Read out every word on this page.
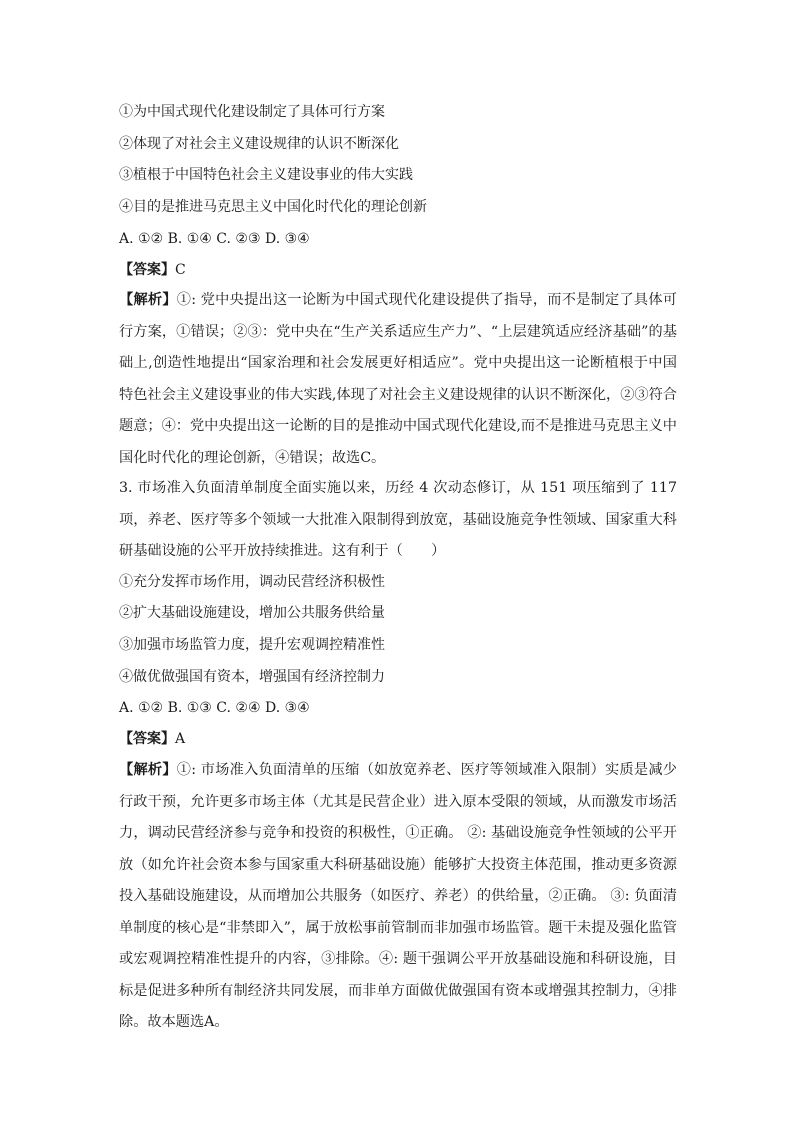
①为中国式现代化建设制定了具体可行方案
②体现了对社会主义建设规律的认识不断深化
③植根于中国特色社会主义建设事业的伟大实践
④目的是推进马克思主义中国化时代化的理论创新
A. ①② B. ①④ C. ②③ D. ③④
【答案】C
【解析】①: 党中央提出这一论断为中国式现代化建设提供了指导，而不是制定了具体可行方案，①错误；②③：党中央在“生产关系适应生产力”、“上层建筑适应经济基础”的基础上,创造性地提出“国家治理和社会发展更好相适应”。党中央提出这一论断植根于中国特色社会主义建设事业的伟大实践,体现了对社会主义建设规律的认识不断深化，②③符合题意；④：党中央提出这一论断的目的是推动中国式现代化建设,而不是推进马克思主义中国化时代化的理论创新，④错误；故选C。
3. 市场准入负面清单制度全面实施以来，历经 4 次动态修订，从 151 项压缩到了 117 项，养老、医疗等多个领域一大批准入限制得到放宽，基础设施竞争性领域、国家重大科研基础设施的公平开放持续推进。这有利于（　　）
①充分发挥市场作用，调动民营经济积极性
②扩大基础设施建设，增加公共服务供给量
③加强市场监管力度，提升宏观调控精准性
④做优做强国有资本，增强国有经济控制力
A. ①② B. ①③ C. ②④ D. ③④
【答案】A
【解析】①: 市场准入负面清单的压缩（如放宽养老、医疗等领域准入限制）实质是减少行政干预，允许更多市场主体（尤其是民营企业）进入原本受限的领域，从而激发市场活力，调动民营经济参与竞争和投资的积极性，①正确。 ②: 基础设施竞争性领域的公平开放（如允许社会资本参与国家重大科研基础设施）能够扩大投资主体范围，推动更多资源投入基础设施建设，从而增加公共服务（如医疗、养老）的供给量，②正确。 ③: 负面清单制度的核心是“非禁即入”，属于放松事前管制而非加强市场监管。题干未提及强化监管或宏观调控精准性提升的内容，③排除。④: 题干强调公平开放基础设施和科研设施，目标是促进多种所有制经济共同发展，而非单方面做优做强国有资本或增强其控制力，④排除。故本题选A。
